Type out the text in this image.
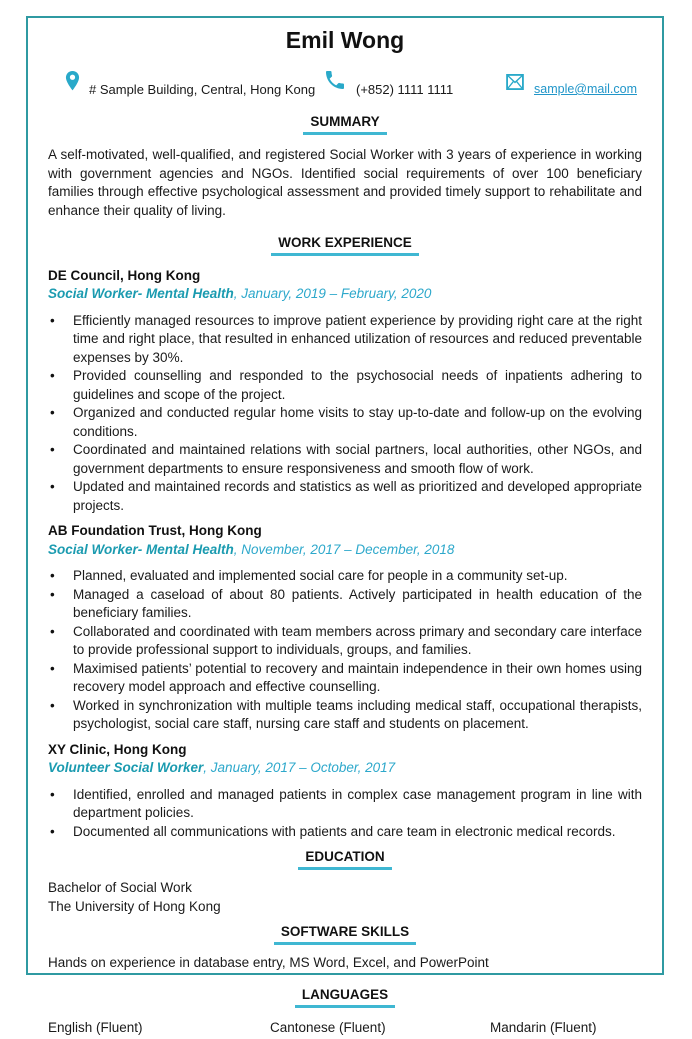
Emil Wong
# Sample Building, Central, Hong Kong	(+852) 1111 1111	sample@mail.com
SUMMARY

A self-motivated, well-qualified, and registered Social Worker with 3 years of experience in working with government agencies and NGOs. Identified social requirements of over 100 beneficiary families through effective psychological assessment and provided timely support to rehabilitate and enhance their quality of living.

WORK EXPERIENCE
DE Council, Hong Kong
Social Worker- Mental Health, January, 2019 – February, 2020
• Efficiently managed resources to improve patient experience by providing right care at the right time and right place, that resulted in enhanced utilization of resources and reduced preventable expenses by 30%.
• Provided counselling and responded to the psychosocial needs of inpatients adhering to guidelines and scope of the project.
• Organized and conducted regular home visits to stay up-to-date and follow-up on the evolving conditions.
• Coordinated and maintained relations with social partners, local authorities, other NGOs, and government departments to ensure responsiveness and smooth flow of work.
• Updated and maintained records and statistics as well as prioritized and developed appropriate projects.
AB Foundation Trust, Hong Kong
Social Worker- Mental Health, November, 2017 – December, 2018
• Planned, evaluated and implemented social care for people in a community set-up.
• Managed a caseload of about 80 patients. Actively participated in health education of the beneficiary families.
• Collaborated and coordinated with team members across primary and secondary care interface to provide professional support to individuals, groups, and families.
• Maximised patients’ potential to recovery and maintain independence in their own homes using recovery model approach and effective counselling.
• Worked in synchronization with multiple teams including medical staff, occupational therapists, psychologist, social care staff, nursing care staff and students on placement.
XY Clinic, Hong Kong
Volunteer Social Worker, January, 2017 – October, 2017
• Identified, enrolled and managed patients in complex case management program in line with department policies.
• Documented all communications with patients and care team in electronic medical records.
EDUCATION
Bachelor of Social Work
The University of Hong Kong
SOFTWARE SKILLS

Hands on experience in database entry, MS Word, Excel, and PowerPoint

LANGUAGES
English (Fluent)	Cantonese (Fluent)	Mandarin (Fluent)
